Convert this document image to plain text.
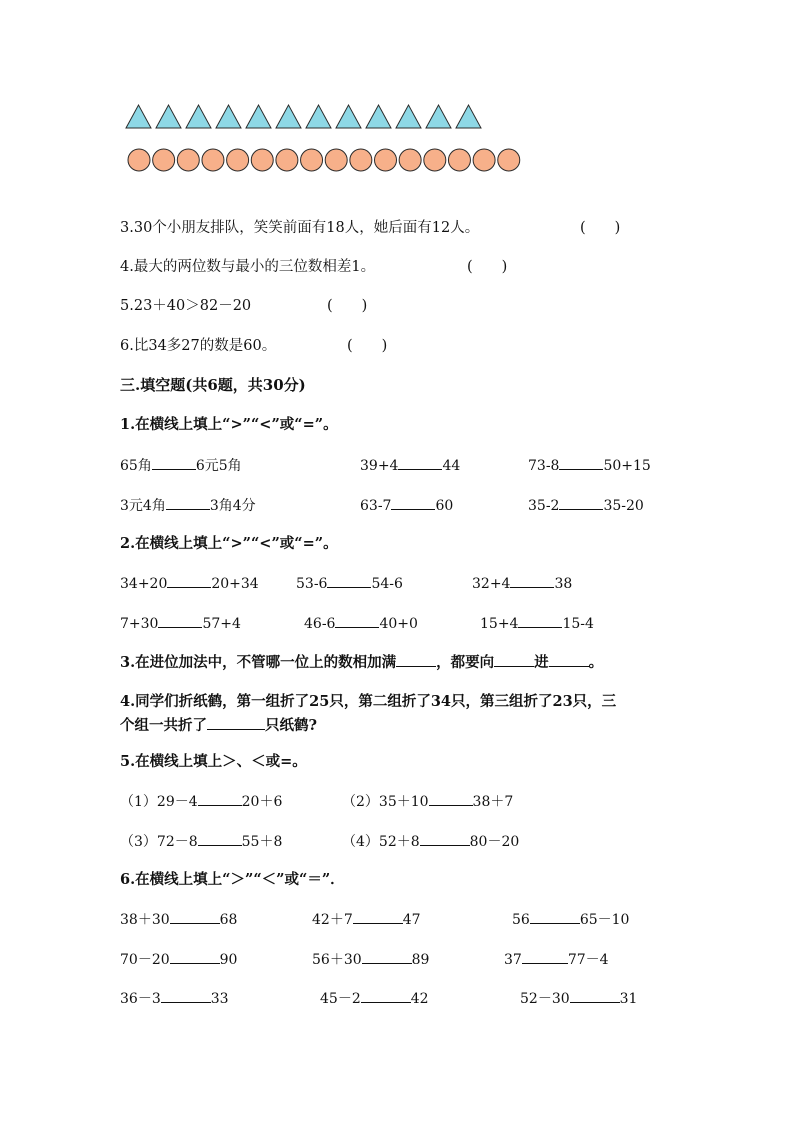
3.30个小朋友排队，笑笑前面有18人，她后面有12人。	(　　)
4.最大的两位数与最小的三位数相差1。	(　　)
5.23＋40＞82－20	(　　)
6.比34多27的数是60。	(　　)
三.填空题(共6题，共30分)
1.在横线上填上“>”“<”或“=”。
65角	6元5角	39+4	44	73-8	50+15
3元4角	3角4分	63-7	60	35-2	35-20
2.在横线上填上“>”“<”或“=”。
34+20	20+34	53-6	54-6	32+4	38
7+30	57+4	46-6	40+0	15+4	15-4
3.在进位加法中，不管哪一位上的数相加满	，都要向	进	。
4.同学们折纸鹤，第一组折了25只，第二组折了34只，第三组折了23只，三
个组一共折了	只纸鹤?
5.在横线上填上＞、＜或=。
（1）29－4	20＋6	（2）35＋10	38＋7
（3）72－8	55＋8	（4）52＋8	80－20
6.在横线上填上“＞”“＜”或“＝”．
38＋30	68	42＋7	47	56	65－10
70－20	90	56＋30	89	37	77－4
36－3	33	45－2	42	52－30	31
